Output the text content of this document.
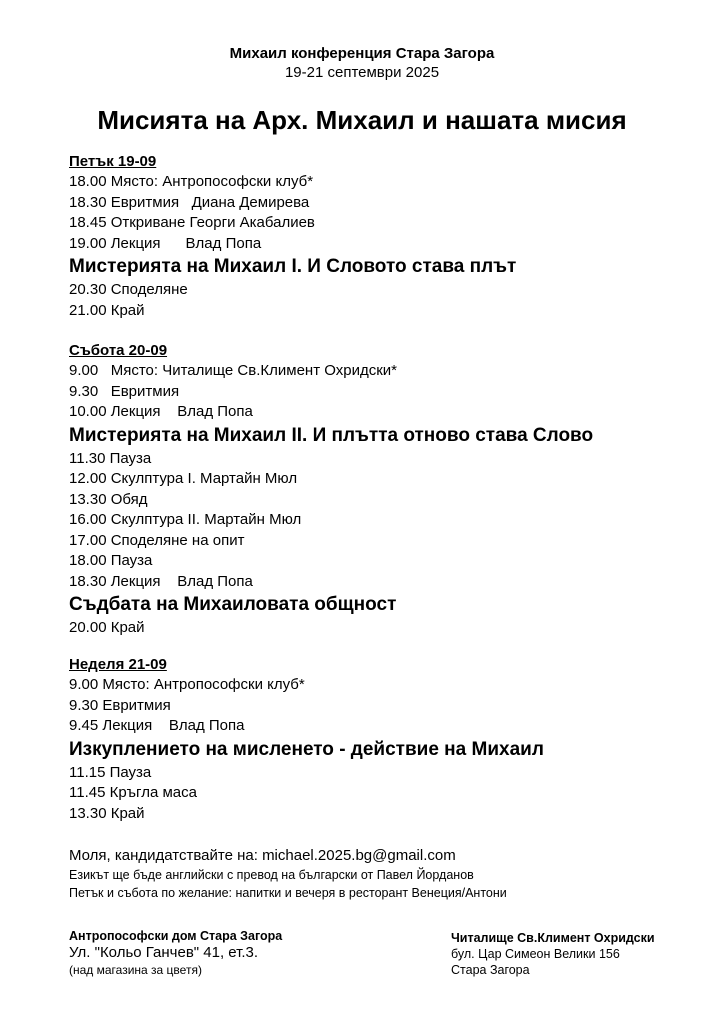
Михаил конференция Стара Загора
19-21 септември 2025
Мисията на Арх. Михаил и нашата мисия
Петък 19-09
18.00 Място: Антропософски клуб*
18.30 Евритмия   Диана Демирева
18.45 Откриване Георги Акабалиев
19.00 Лекция      Влад Попа
Мистерията на Михаил I. И Словото става плът
20.30 Споделяне
21.00 Край
Събота 20-09
9.00   Място: Читалище Св.Климент Охридски*
9.30   Евритмия
10.00 Лекция    Влад Попа
Мистерията на Михаил II. И плътта отново става Слово
11.30 Пауза
12.00 Скулптура I. Мартайн Мюл
13.30 Обяд
16.00 Скулптура II. Мартайн Мюл
17.00 Споделяне на опит
18.00 Пауза
18.30 Лекция    Влад Попа
Съдбата на Михаиловата общност
20.00 Край
Неделя 21-09
9.00 Място: Антропософски клуб*
9.30 Евритмия
9.45 Лекция    Влад Попа
Изкуплението на мисленето - действие на Михаил
11.15 Пауза
11.45 Кръгла маса
13.30 Край
Моля, кандидатствайте на: michael.2025.bg@gmail.com
Езикът ще бъде английски с превод на български от Павел Йорданов
Петък и събота по желание: напитки и вечеря в ресторант Венеция/Антони
Антропософски дом Стара Загора
Ул. "Кольо Ганчев" 41, ет.3.
(над магазина за цветя)
Читалище Св.Климент Охридски
бул. Цар Симеон Велики 156
Стара Загора
